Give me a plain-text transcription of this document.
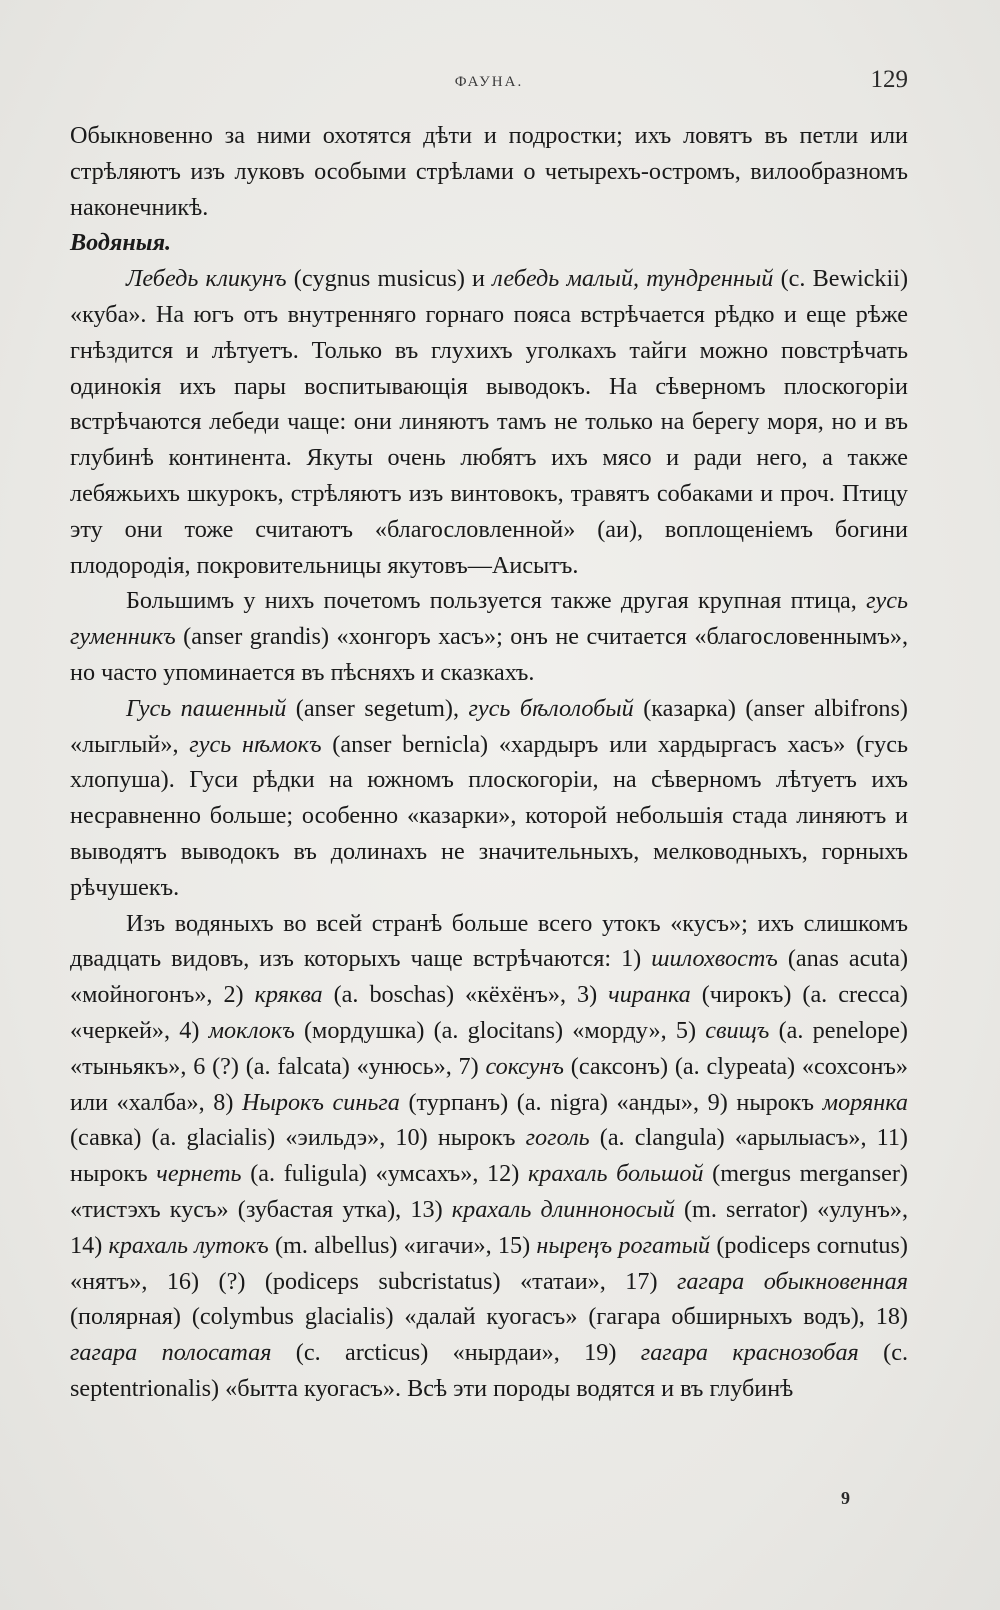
ФАУНА.	129

Обыкновенно за ними охотятся дѣти и подростки; ихъ ловятъ въ петли или стрѣляютъ изъ луковъ особыми стрѣлами о четырехъ-остромъ, вилообразномъ наконечникѣ.

Водяныя.

Лебедь кликунъ (cygnus musicus) и лебедь малый, тундренный (c. Bewickii) «куба». На югъ отъ внутренняго горнаго пояса встрѣчается рѣдко и еще рѣже гнѣздится и лѣтуетъ. Только въ глухихъ уголкахъ тайги можно повстрѣчать одинокія ихъ пары воспитывающія выводокъ. На сѣверномъ плоскогоріи встрѣчаются лебеди чаще: они линяютъ тамъ не только на берегу моря, но и въ глубинѣ континента. Якуты очень любятъ ихъ мясо и ради него, а также лебяжьихъ шкурокъ, стрѣляютъ изъ винтовокъ, травятъ собаками и проч. Птицу эту они тоже считаютъ «благословленной» (аи), воплощеніемъ богини плодородія, покровительницы якутовъ—Аисытъ.

Большимъ у нихъ почетомъ пользуется также другая крупная птица, гусь гуменникъ (anser grandis) «хонгоръ хасъ»; онъ не считается «благословеннымъ», но часто упоминается въ пѣсняхъ и сказкахъ.

Гусь пашенный (anser segetum), гусь бѣлолобый (казарка) (anser albifrons) «лыглый», гусь нѣмокъ (anser bernicla) «хардыръ или хардыргасъ хасъ» (гусь хлопуша). Гуси рѣдки на южномъ плоскогоріи, на сѣверномъ лѣтуетъ ихъ несравненно больше; особенно «казарки», которой небольшія стада линяютъ и выводятъ выводокъ въ долинахъ не значительныхъ, мелководныхъ, горныхъ рѣчушекъ.

Изъ водяныхъ во всей странѣ больше всего утокъ «кусъ»; ихъ слишкомъ двадцать видовъ, изъ которыхъ чаще встрѣчаются: 1) шилохвостъ (anas acuta) «мойногонъ», 2) кряква (a. boschas) «кёхёнъ», 3) чиранка (чирокъ) (a. crecca) «черкей», 4) моклокъ (мордушка) (a. glocitans) «морду», 5) свищъ (a. penelope) «тыньякъ», 6 (?) (a. falcata) «унюсь», 7) соксунъ (саксонъ) (a. clypeata) «сохсонъ» или «халба», 8) Нырокъ синьга (турпанъ) (a. nigra) «анды», 9) нырокъ морянка (савка) (a. glacialis) «эильдэ», 10) нырокъ гоголь (a. clangula) «арылыасъ», 11) нырокъ чернеть (a. fuligula) «умсахъ», 12) крахаль большой (mergus merganser) «тистэхъ кусъ» (зубастая утка), 13) крахаль длинноносый (m. serrator) «улунъ», 14) крахаль лутокъ (m. albellus) «игачи», 15) ныреңъ рогатый (podiceps cornutus) «нятъ», 16) (?) (podiceps subcristatus) «татаи», 17) гагара обыкновенная (полярная) (colymbus glacialis) «далай куогасъ» (гагара обширныхъ водъ), 18) гагара полосатая (c. arcticus) «нырдаи», 19) гагара краснозобая (c. septentrionalis) «бытта куогасъ». Всѣ эти породы водятся и въ глубинѣ

9
